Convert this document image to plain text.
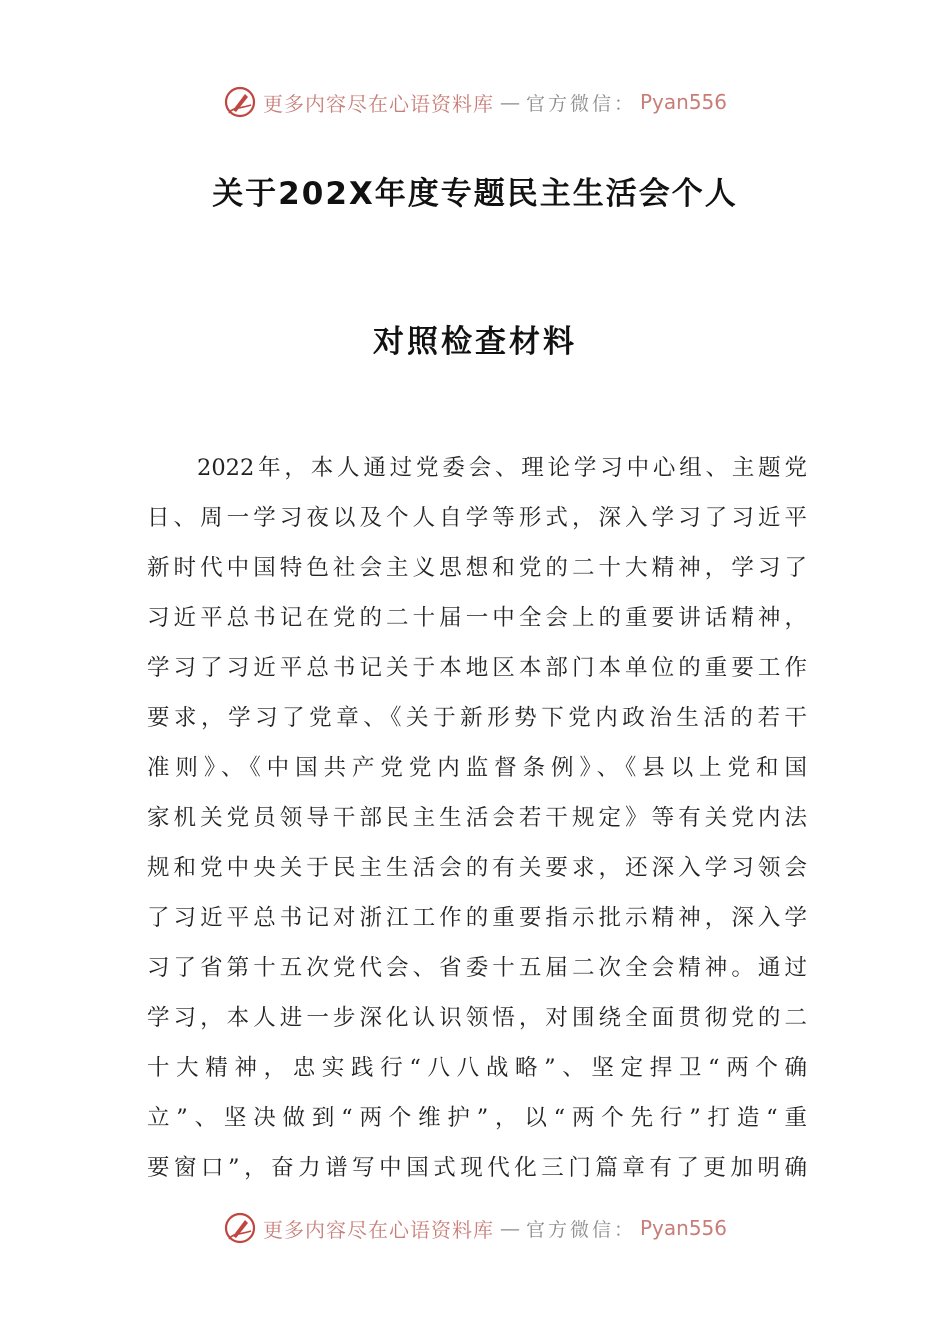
更多内容尽在心语资料库 — 官方微信： Pyan556
关于202X年度专题民主生活会个人
对照检查材料
2022年，本人通过党委会、理论学习中心组、主题党
日、周一学习夜以及个人自学等形式，深入学习了习近平
新时代中国特色社会主义思想和党的二十大精神，学习了
习近平总书记在党的二十届一中全会上的重要讲话精神，
学习了习近平总书记关于本地区本部门本单位的重要工作
要求，学习了党章、《关于新形势下党内政治生活的若干
准则》、《中国共产党党内监督条例》、《县以上党和国
家机关党员领导干部民主生活会若干规定》等有关党内法
规和党中央关于民主生活会的有关要求，还深入学习领会
了习近平总书记对浙江工作的重要指示批示精神，深入学
习了省第十五次党代会、省委十五届二次全会精神。通过
学习，本人进一步深化认识领悟，对围绕全面贯彻党的二
十大精神，忠实践行“八八战略”、坚定捍卫“两个确
立”、坚决做到“两个维护”，以“两个先行”打造“重
要窗口”，奋力谱写中国式现代化三门篇章有了更加明确
更多内容尽在心语资料库 — 官方微信： Pyan556
